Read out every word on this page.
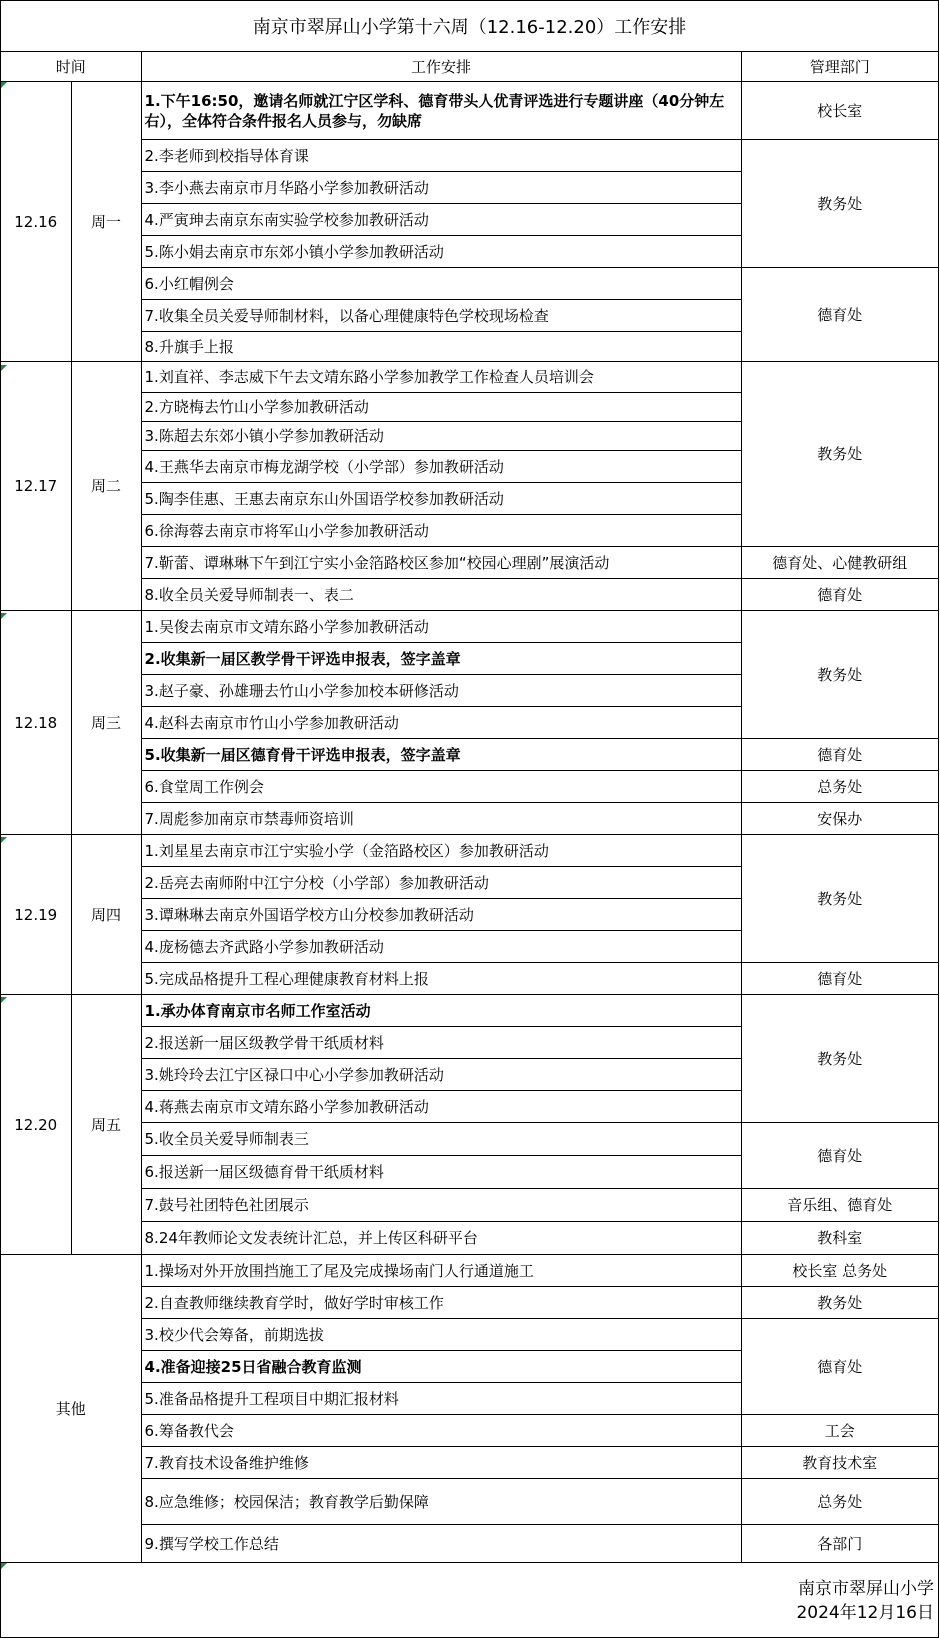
南京市翠屏山小学第十六周（12.16-12.20）工作安排
时间		工作安排	管理部门
12.16	周一	1.下午16:50，邀请名师就江宁区学科、德育带头人优青评选进行专题讲座（40分钟左右），全体符合条件报名人员参与，勿缺席	校长室
		2.李老师到校指导体育课	教务处
		3.李小燕去南京市月华路小学参加教研活动	
		4.严寅珅去南京东南实验学校参加教研活动	
		5.陈小娟去南京市东郊小镇小学参加教研活动	
		6.小红帽例会	德育处
		7.收集全员关爱导师制材料，以备心理健康特色学校现场检查	
		8.升旗手上报	
12.17	周二	1.刘直祥、李志威下午去文靖东路小学参加教学工作检查人员培训会	教务处
		2.方晓梅去竹山小学参加教研活动	
		3.陈超去东郊小镇小学参加教研活动	
		4.王燕华去南京市梅龙湖学校（小学部）参加教研活动	
		5.陶李佳惠、王惠去南京东山外国语学校参加教研活动	
		6.徐海蓉去南京市将军山小学参加教研活动	
		7.靳蕾、谭琳琳下午到江宁实小金箔路校区参加“校园心理剧”展演活动	德育处、心健教研组
		8.收全员关爱导师制表一、表二	德育处
12.18	周三	1.吴俊去南京市文靖东路小学参加教研活动	教务处
		2.收集新一届区教学骨干评选申报表，签字盖章	
		3.赵子豪、孙雄珊去竹山小学参加校本研修活动	
		4.赵科去南京市竹山小学参加教研活动	
		5.收集新一届区德育骨干评选申报表，签字盖章	德育处
		6.食堂周工作例会	总务处
		7.周彪参加南京市禁毒师资培训	安保办
12.19	周四	1.刘星星去南京市江宁实验小学（金箔路校区）参加教研活动	教务处
		2.岳亮去南师附中江宁分校（小学部）参加教研活动	
		3.谭琳琳去南京外国语学校方山分校参加教研活动	
		4.庞杨德去齐武路小学参加教研活动	
		5.完成品格提升工程心理健康教育材料上报	德育处
12.20	周五	1.承办体育南京市名师工作室活动	教务处
		2.报送新一届区级教学骨干纸质材料	
		3.姚玲玲去江宁区禄口中心小学参加教研活动	
		4.蒋燕去南京市文靖东路小学参加教研活动	
		5.收全员关爱导师制表三	德育处
		6.报送新一届区级德育骨干纸质材料	
		7.鼓号社团特色社团展示	音乐组、德育处
		8.24年教师论文发表统计汇总，并上传区科研平台	教科室
其他		1.操场对外开放围挡施工了尾及完成操场南门人行通道施工	校长室 总务处
		2.自查教师继续教育学时，做好学时审核工作	教务处
		3.校少代会筹备，前期选拔	德育处
		4.准备迎接25日省融合教育监测	
		5.准备品格提升工程项目中期汇报材料	
		6.筹备教代会	工会
		7.教育技术设备维护维修	教育技术室
		8.应急维修；校园保洁；教育教学后勤保障	总务处
		9.撰写学校工作总结	各部门
南京市翠屏山小学
2024年12月16日
